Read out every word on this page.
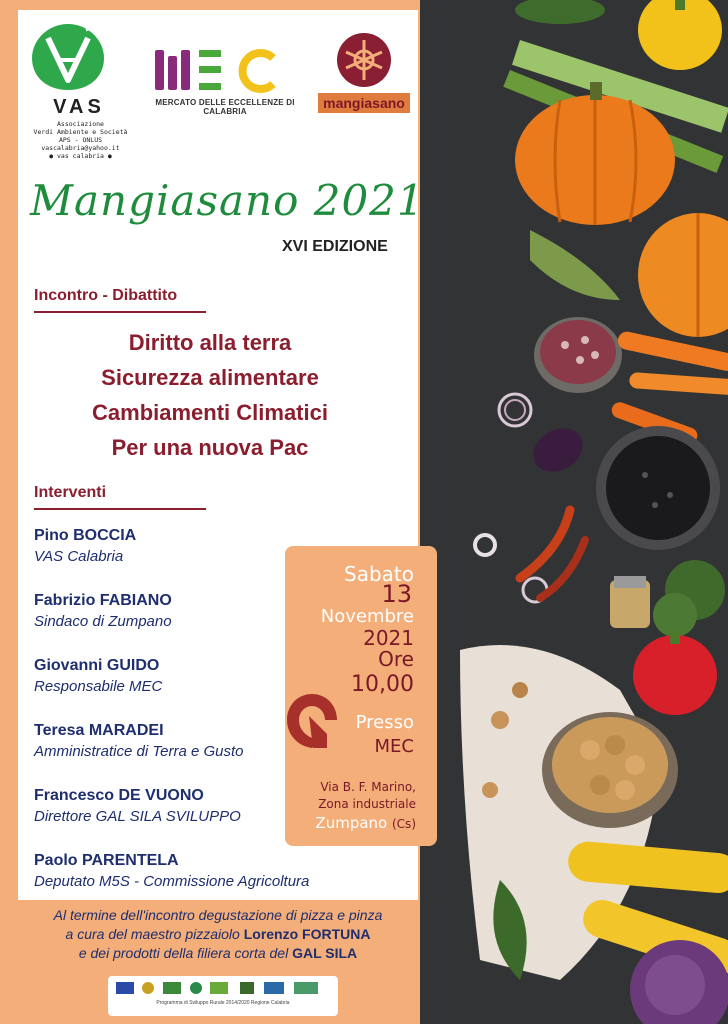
VAS
Associazione
Verdi Ambiente e Società
APS - ONLUS
vascalabria@yahoo.it
● vas calabria ●
MERCATO DELLE ECCELLENZE DI CALABRIA
mangiasano
Mangiasano 2021
XVI EDIZIONE
Incontro - Dibattito
Diritto alla terra
Sicurezza alimentare
Cambiamenti Climatici
Per una nuova Pac
Interventi
Pino BOCCIA
VAS Calabria
Fabrizio FABIANO
Sindaco di Zumpano
Giovanni GUIDO
Responsabile MEC
Teresa MARADEI
Amministratice di Terra e Gusto
Francesco DE VUONO
Direttore GAL SILA SVILUPPO
Paolo PARENTELA
Deputato M5S - Commissione Agricoltura
Sabato
13
Novembre
2021
Ore
10,00
Presso
MEC
Via B. F. Marino,
Zona industriale
Zumpano (Cs)
Al termine dell'incontro degustazione di pizza e pinza
a cura del maestro pizzaiolo Lorenzo FORTUNA
e dei prodotti della filiera corta del GAL SILA
Programma di Sviluppo Rurale 2014/2020 Regione Calabria
